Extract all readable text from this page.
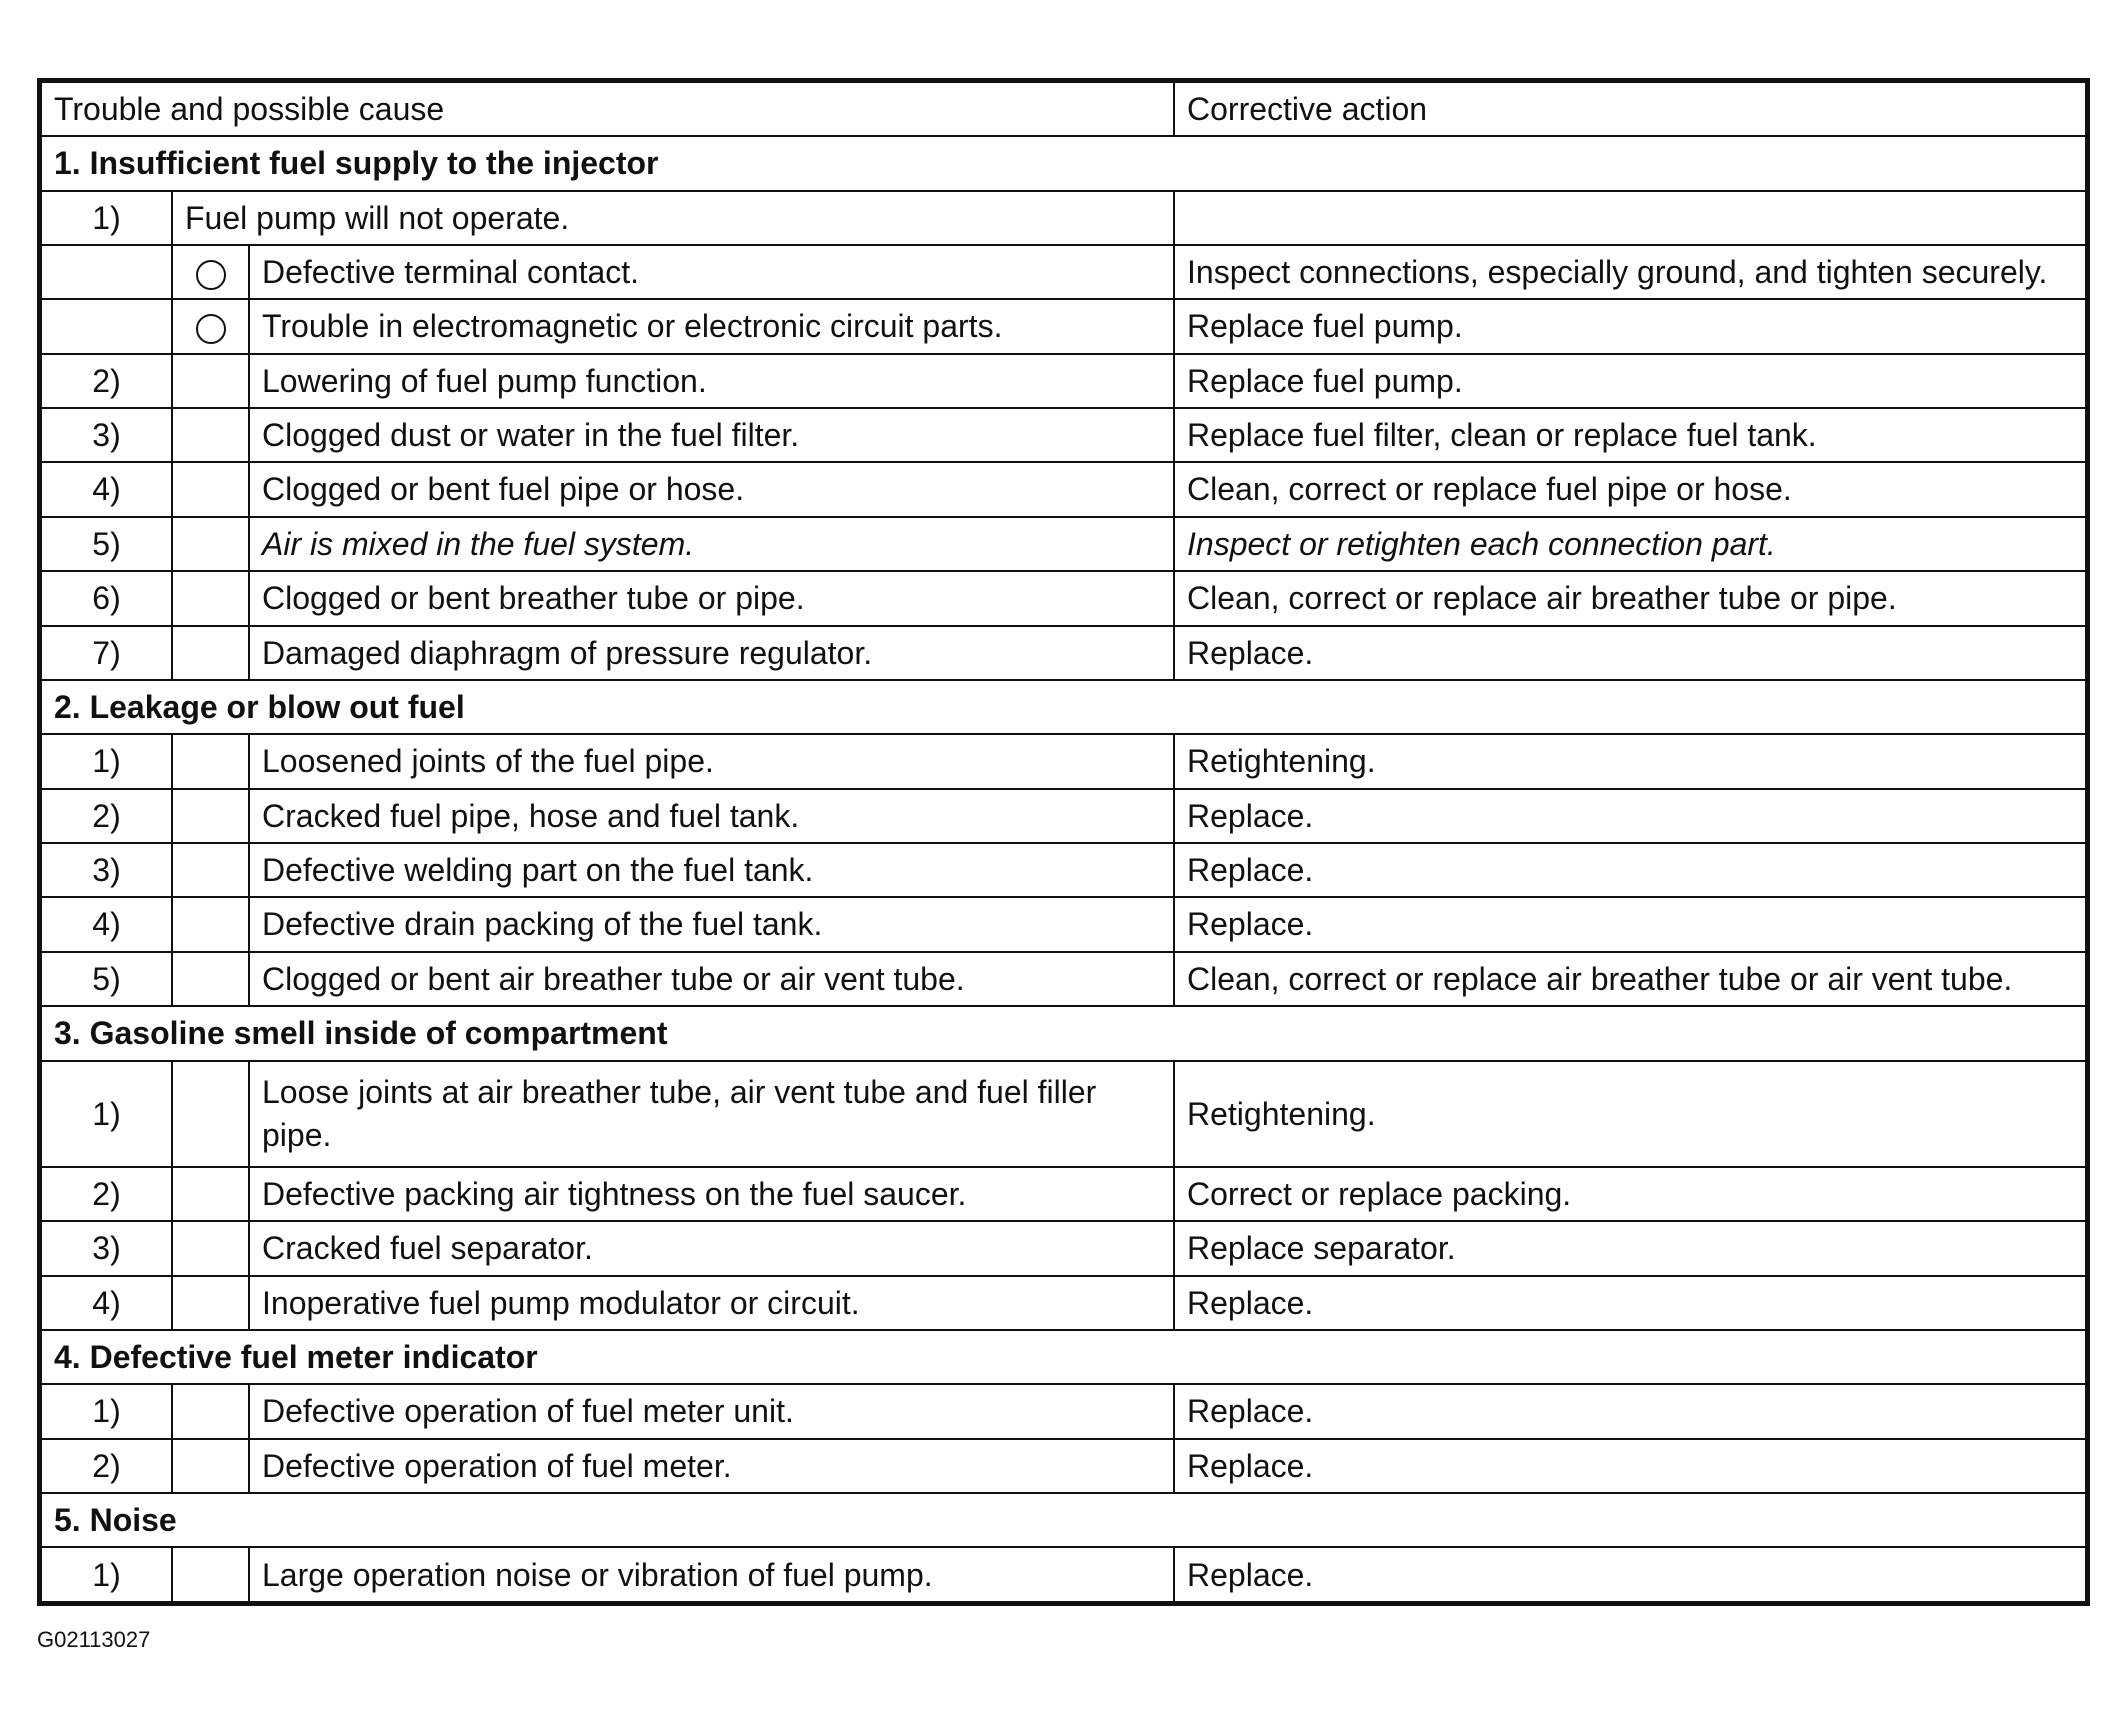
Trouble and possible cause			Corrective action
1. Insufficient fuel supply to the injector			
1)	Fuel pump will not operate.		
		Defective terminal contact.	Inspect connections, especially ground, and tighten securely.
		Trouble in electromagnetic or electronic circuit parts.	Replace fuel pump.
2)		Lowering of fuel pump function.	Replace fuel pump.
3)		Clogged dust or water in the fuel filter.	Replace fuel filter, clean or replace fuel tank.
4)		Clogged or bent fuel pipe or hose.	Clean, correct or replace fuel pipe or hose.
5)		Air is mixed in the fuel system.	Inspect or retighten each connection part.
6)		Clogged or bent breather tube or pipe.	Clean, correct or replace air breather tube or pipe.
7)		Damaged diaphragm of pressure regulator.	Replace.
2. Leakage or blow out fuel			
1)		Loosened joints of the fuel pipe.	Retightening.
2)		Cracked fuel pipe, hose and fuel tank.	Replace.
3)		Defective welding part on the fuel tank.	Replace.
4)		Defective drain packing of the fuel tank.	Replace.
5)		Clogged or bent air breather tube or air vent tube.	Clean, correct or replace air breather tube or air vent tube.
3. Gasoline smell inside of compartment			
1)		Loose joints at air breather tube, air vent tube and fuel filler pipe.	Retightening.
2)		Defective packing air tightness on the fuel saucer.	Correct or replace packing.
3)		Cracked fuel separator.	Replace separator.
4)		Inoperative fuel pump modulator or circuit.	Replace.
4. Defective fuel meter indicator			
1)		Defective operation of fuel meter unit.	Replace.
2)		Defective operation of fuel meter.	Replace.
5. Noise			
1)		Large operation noise or vibration of fuel pump.	Replace.
G02113027
